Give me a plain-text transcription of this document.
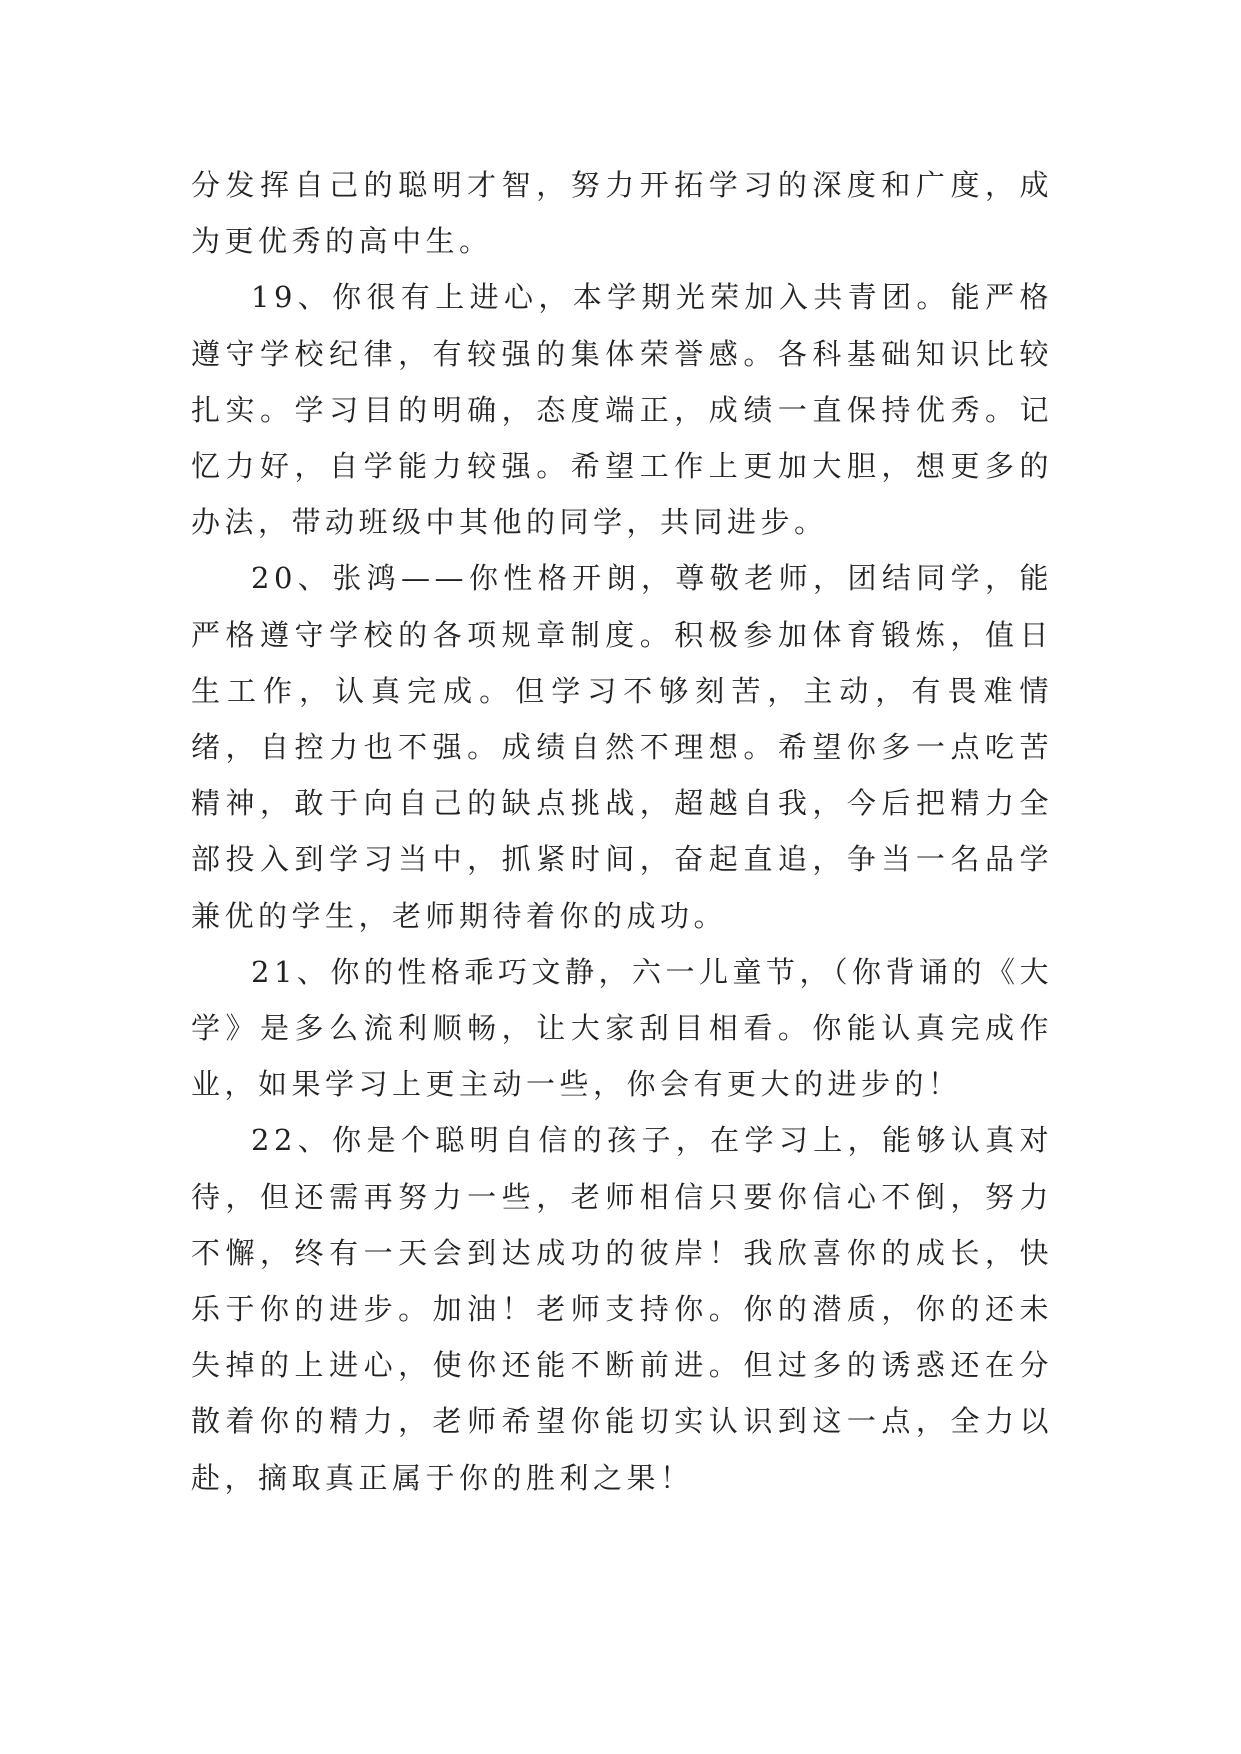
分发挥自己的聪明才智，努力开拓学习的深度和广度，成为更优秀的高中生。

19、你很有上进心，本学期光荣加入共青团。能严格遵守学校纪律，有较强的集体荣誉感。各科基础知识比较扎实。学习目的明确，态度端正，成绩一直保持优秀。记忆力好，自学能力较强。希望工作上更加大胆，想更多的办法，带动班级中其他的同学，共同进步。

20、张鸿——你性格开朗，尊敬老师，团结同学，能严格遵守学校的各项规章制度。积极参加体育锻炼，值日生工作，认真完成。但学习不够刻苦，主动，有畏难情绪，自控力也不强。成绩自然不理想。希望你多一点吃苦精神，敢于向自己的缺点挑战，超越自我，今后把精力全部投入到学习当中，抓紧时间，奋起直追，争当一名品学兼优的学生，老师期待着你的成功。

21、你的性格乖巧文静，六一儿童节，（你背诵的《大学》是多么流利顺畅，让大家刮目相看。你能认真完成作业，如果学习上更主动一些，你会有更大的进步的！

22、你是个聪明自信的孩子，在学习上，能够认真对待，但还需再努力一些，老师相信只要你信心不倒，努力不懈，终有一天会到达成功的彼岸！我欣喜你的成长，快乐于你的进步。加油！老师支持你。你的潜质，你的还未失掉的上进心，使你还能不断前进。但过多的诱惑还在分散着你的精力，老师希望你能切实认识到这一点，全力以赴，摘取真正属于你的胜利之果！
